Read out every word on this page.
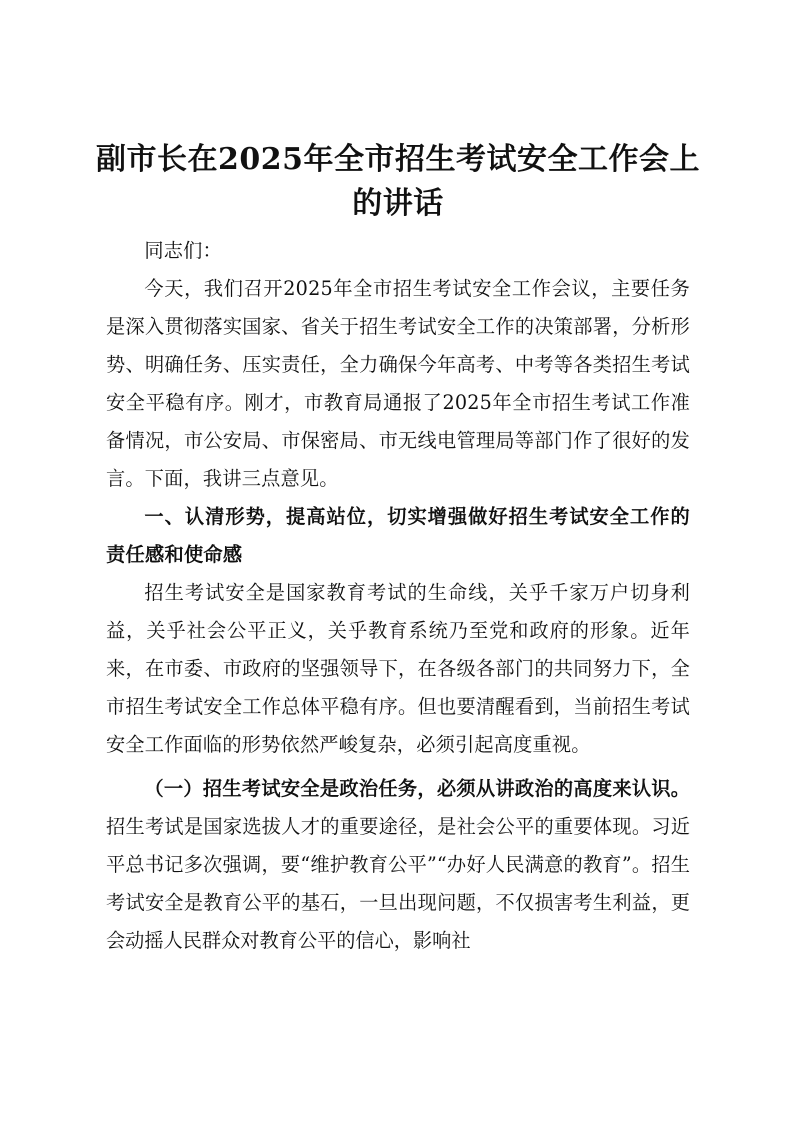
副市长在2025年全市招生考试安全工作会上的讲话

同志们：

今天，我们召开2025年全市招生考试安全工作会议，主要任务是深入贯彻落实国家、省关于招生考试安全工作的决策部署，分析形势、明确任务、压实责任，全力确保今年高考、中考等各类招生考试安全平稳有序。刚才，市教育局通报了2025年全市招生考试工作准备情况，市公安局、市保密局、市无线电管理局等部门作了很好的发言。下面，我讲三点意见。

一、认清形势，提高站位，切实增强做好招生考试安全工作的责任感和使命感

招生考试安全是国家教育考试的生命线，关乎千家万户切身利益，关乎社会公平正义，关乎教育系统乃至党和政府的形象。近年来，在市委、市政府的坚强领导下，在各级各部门的共同努力下，全市招生考试安全工作总体平稳有序。但也要清醒看到，当前招生考试安全工作面临的形势依然严峻复杂，必须引起高度重视。

（一）招生考试安全是政治任务，必须从讲政治的高度来认识。招生考试是国家选拔人才的重要途径，是社会公平的重要体现。习近平总书记多次强调，要“维护教育公平”“办好人民满意的教育”。招生考试安全是教育公平的基石，一旦出现问题，不仅损害考生利益，更会动摇人民群众对教育公平的信心，影响社
